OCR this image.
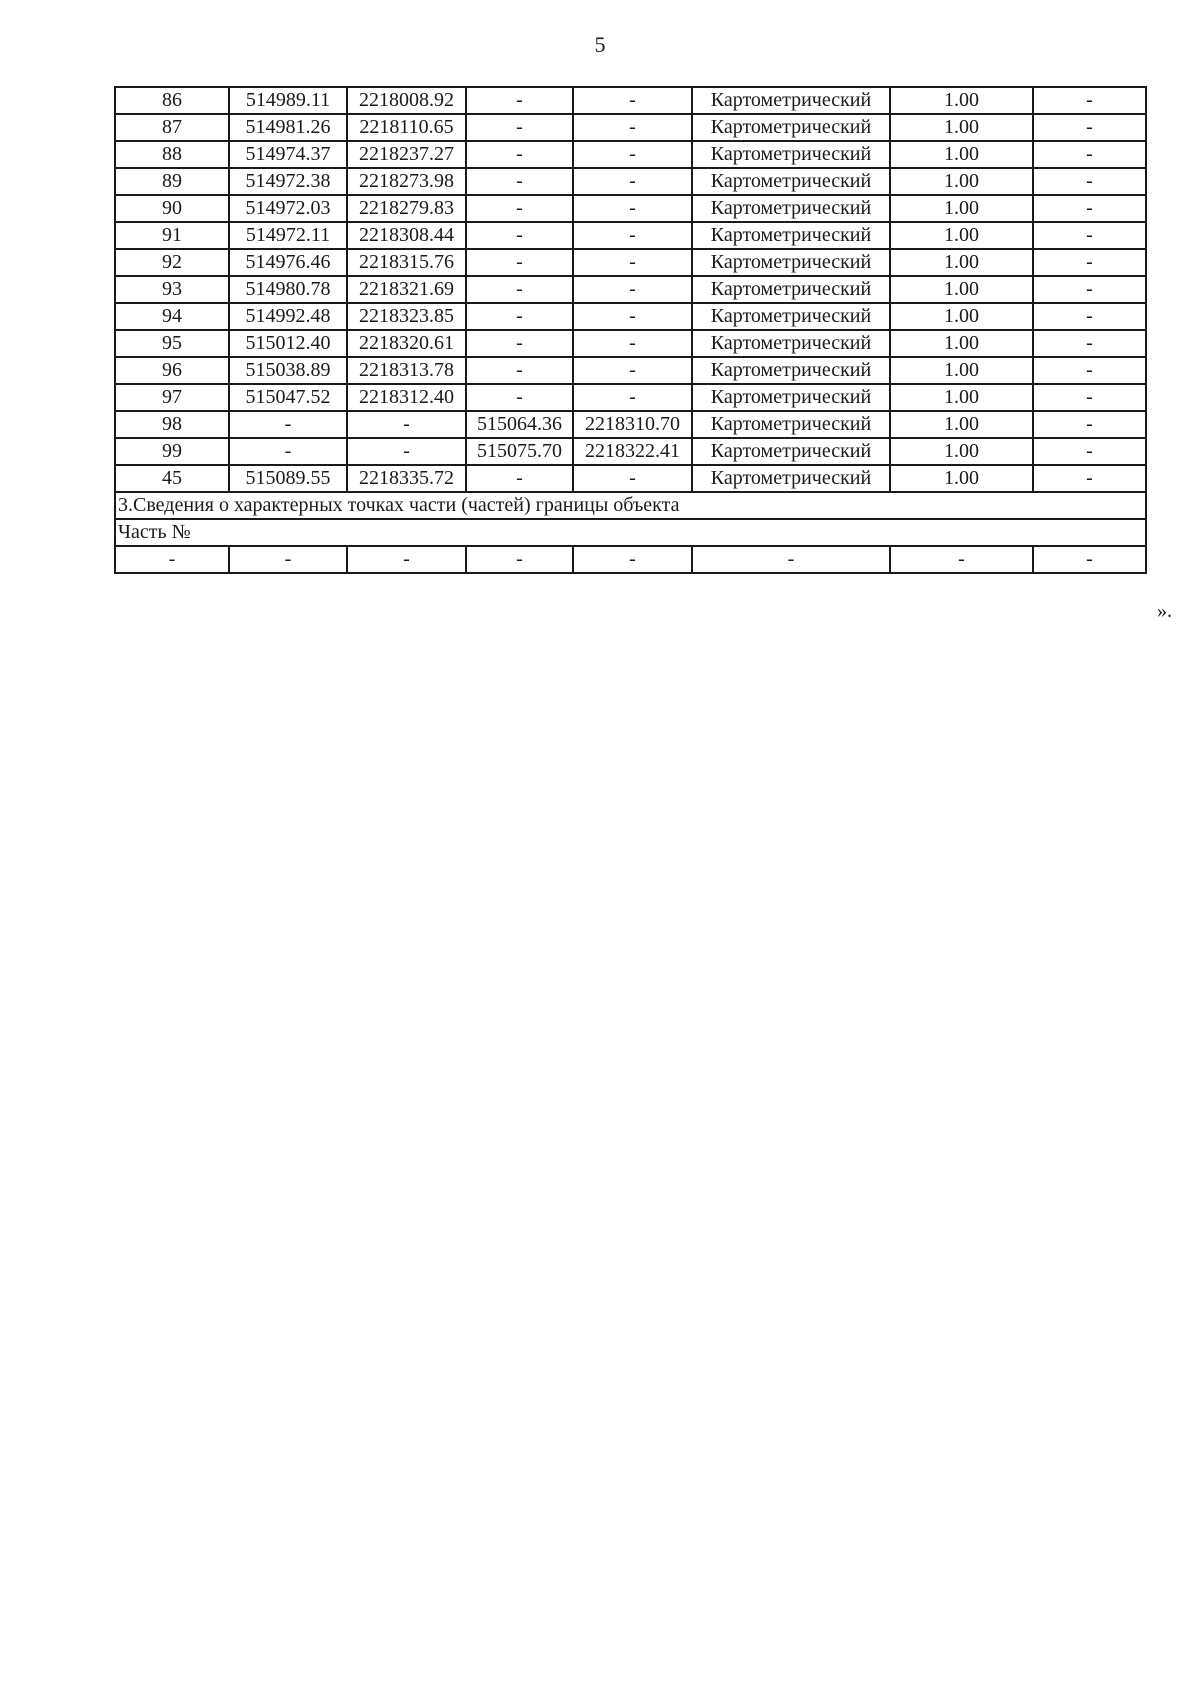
5
86	514989.11	2218008.92	-	-	Картометрический	1.00	-
87	514981.26	2218110.65	-	-	Картометрический	1.00	-
88	514974.37	2218237.27	-	-	Картометрический	1.00	-
89	514972.38	2218273.98	-	-	Картометрический	1.00	-
90	514972.03	2218279.83	-	-	Картометрический	1.00	-
91	514972.11	2218308.44	-	-	Картометрический	1.00	-
92	514976.46	2218315.76	-	-	Картометрический	1.00	-
93	514980.78	2218321.69	-	-	Картометрический	1.00	-
94	514992.48	2218323.85	-	-	Картометрический	1.00	-
95	515012.40	2218320.61	-	-	Картометрический	1.00	-
96	515038.89	2218313.78	-	-	Картометрический	1.00	-
97	515047.52	2218312.40	-	-	Картометрический	1.00	-
98	-	-	515064.36	2218310.70	Картометрический	1.00	-
99	-	-	515075.70	2218322.41	Картометрический	1.00	-
45	515089.55	2218335.72	-	-	Картометрический	1.00	-
3.Сведения о характерных точках части (частей) границы объекта							
Часть №							
-	-	-	-	-	-	-	-
».
